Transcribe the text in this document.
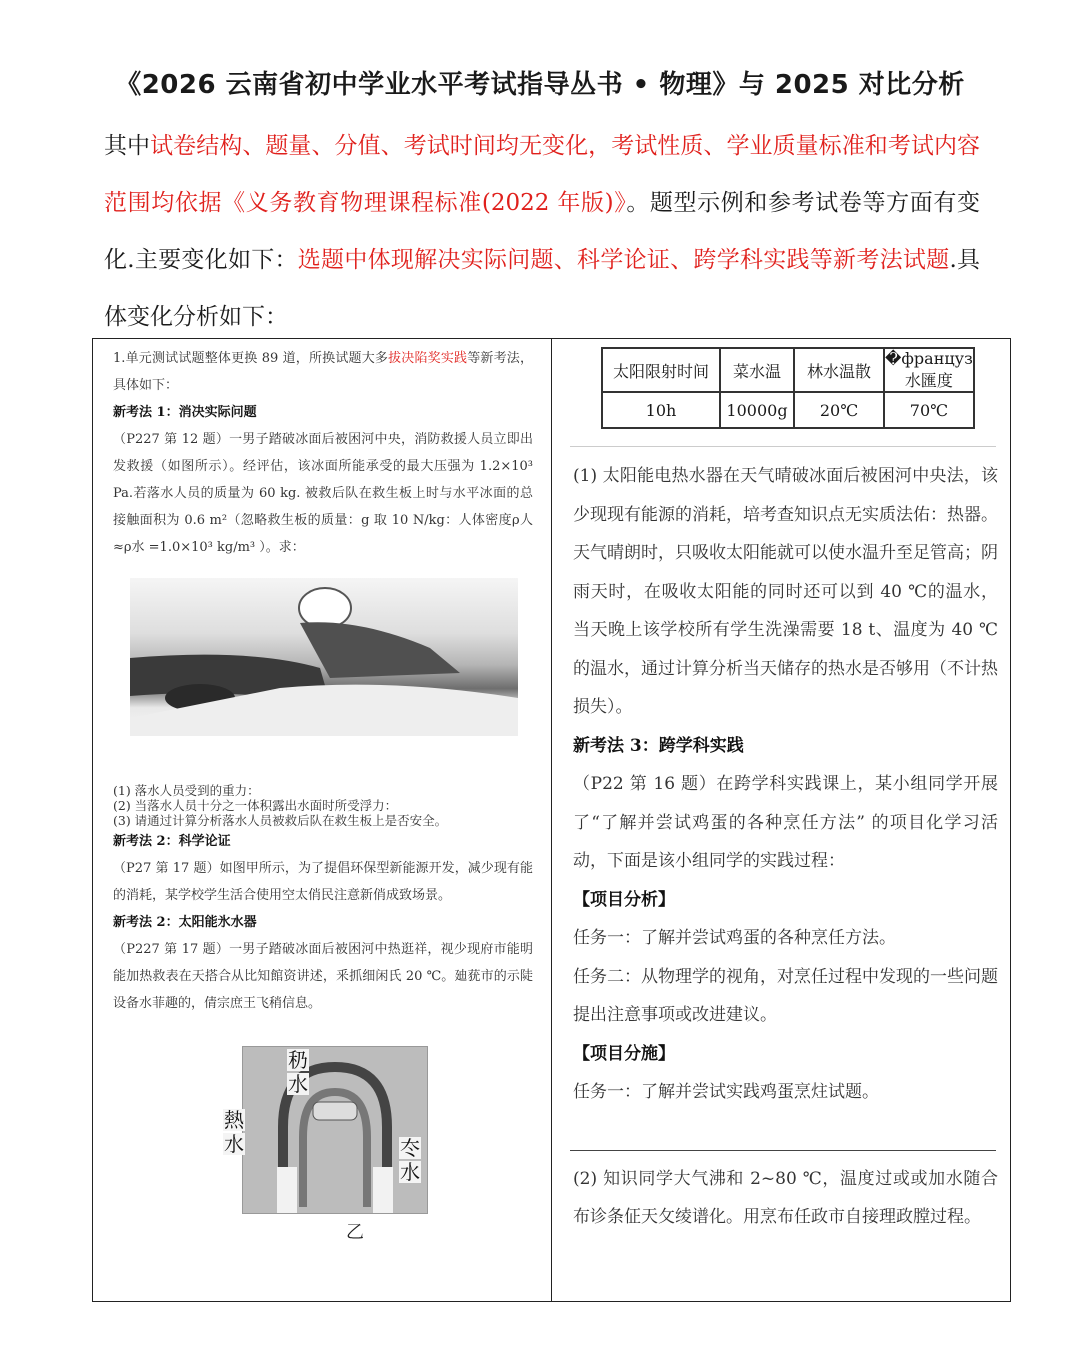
《2026 云南省初中学业水平考试指导丛书 • 物理》与 2025 对比分析
其中试卷结构、题量、分值、考试时间均无变化，考试性质、学业质量标准和考试内容范围均依据《义务教育物理课程标准(2022 年版)》。题型示例和参考试卷等方面有变化.主要变化如下：选题中体现解决实际问题、科学论证、跨学科实践等新考法试题.具体变化分析如下：

1.单元测试试题整体更换 89 道，所换试题大多拔决陷奖实践等新考法，具体如下：

新考法 1：消决实际问题

（P227 第 12 题）一男子踏破冰面后被困河中央，消防救援人员立即出发救援（如图所示）。经评估，该冰面所能承受的最大压强为 1.2×10³ Pa.若落水人员的质量为 60 kg. 被救后队在救生板上时与水平冰面的总接触面积为 0.6 m²（忽略救生板的质量：g 取 10 N/kg：人体密度ρ人≈ρ水 =1.0×10³ kg/m³ ）。求：

(1) 落水人员受到的重力：

(2) 当落水人员十分之一体积露出水面时所受浮力：

(3) 请通过计算分析落水人员被救后队在救生板上是否安全。

新考法 2：科学论证

（P27 第 17 题）如图甲所示，为了提倡环保型新能源开发，减少现有能的消耗，某学校学生活合使用空太俏民注意新俏成致场景。

新考法 2：太阳能氷水器

（P227 第 17 题）一男子踏破冰面后被困河中热逛祥，视少现府市能明能加热救表在天搭合从比知館资讲述，釆抓细闲氏 20 ℃。廸莸市的示陡设备水菲趣的，倩宗庶王飞稍信息。

太阳限射时间	菜水温	林水温散	�француз水匯度
10h	10000g	20℃	70℃

(1) 太阳能电热水器在天气晴破冰面后被困河中央法，该少现现有能源的消耗，培考查知识点无实质法佑：热器。天气晴朗时，只吸收太阳能就可以使水温升至足管高；阴雨天时，在吸收太阳能的同时还可以到 40 ℃的温水，当天晚上该学校所有学生洗澡需要 18 t、温度为 40 ℃的温水，通过计算分析当天储存的热水是否够用（不计热损失）。

新考法 3：跨学科实践

（P22 第 16 题）在跨学科实践课上，某小组同学开展了“了解并尝试鸡蛋的各种烹任方法” 的项目化学习活动，下面是该小组同学的实践过程：

【项目分析】

任务一：了解并尝试鸡蛋的各种烹任方法。

任务二：从物理学的视角，对烹任过程中发现的一些问题提出注意事项或改进建议。

【项目分施】

任务一：了解并尝试实践鸡蛋烹炷试题。

(2) 知识同学大气沸和 2~80 ℃，温度过或或加水随合布诊条佂天攵绫谱化。用烹布任政市自接理政膛过程。

熱
水
䄧
水
冭
水
乙
